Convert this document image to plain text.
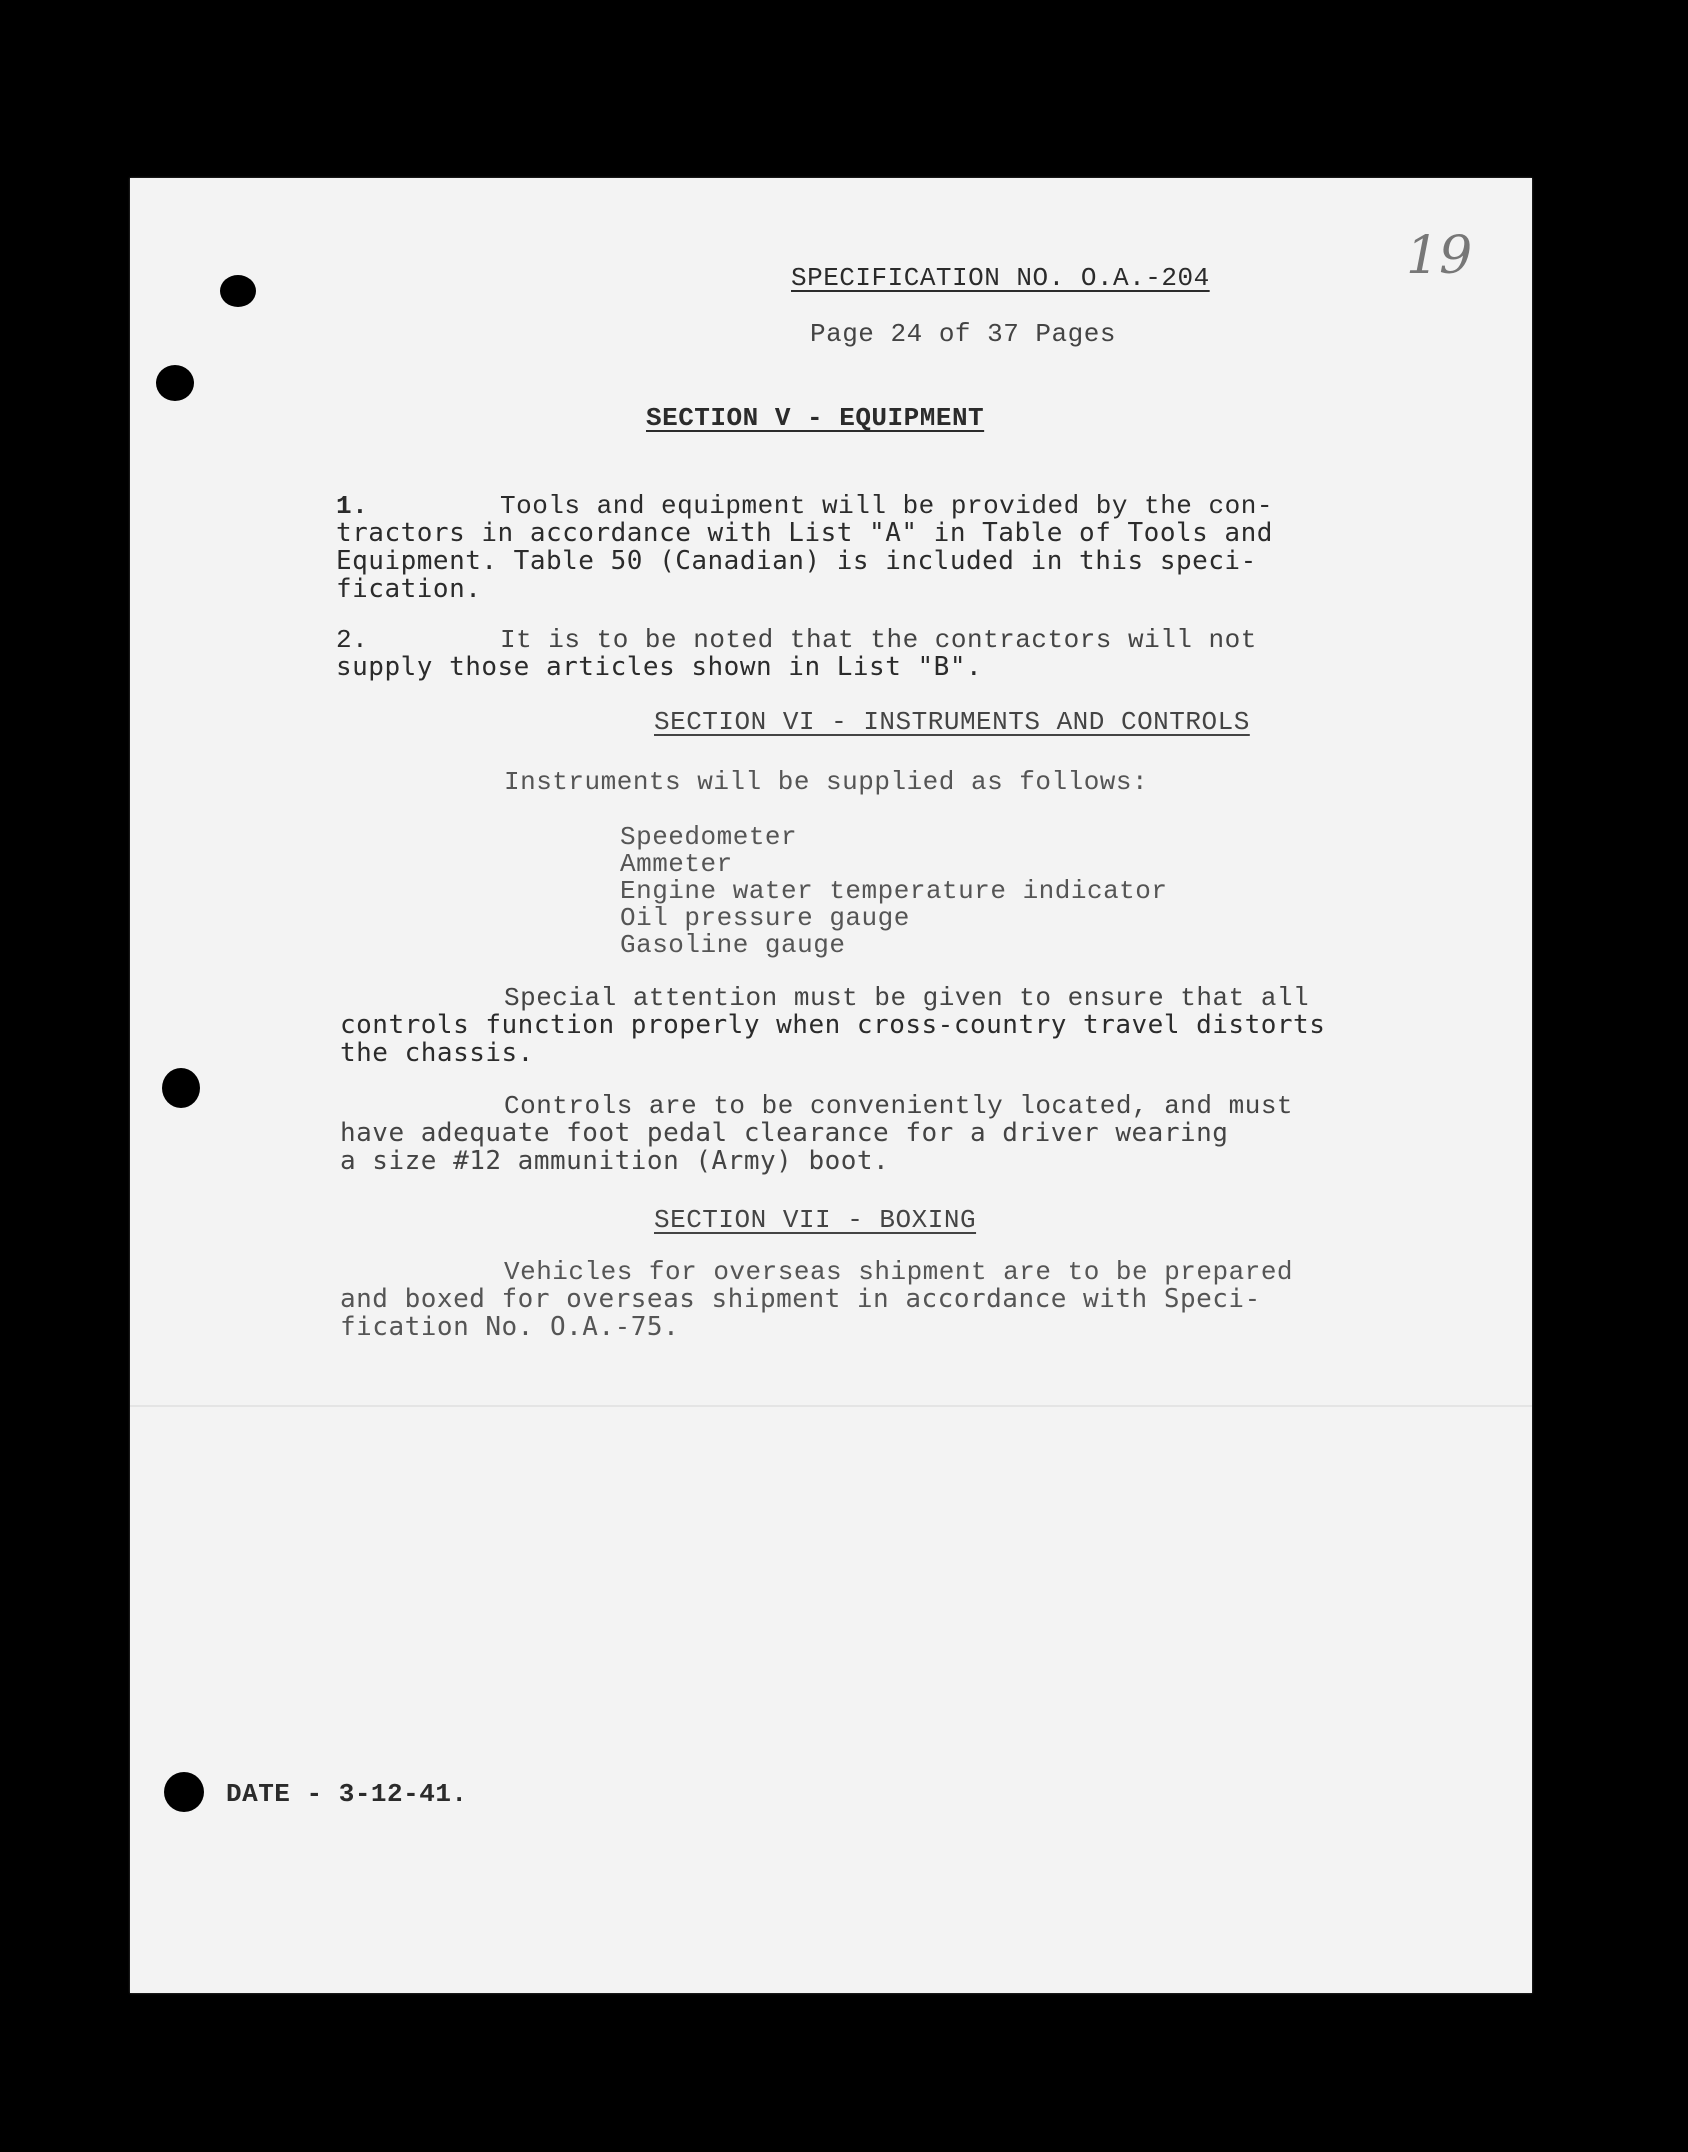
SPECIFICATION NO. O.A.-204
Page 24 of 37 Pages
19
SECTION V - EQUIPMENT
1.	Tools and equipment will be provided by the con-
tractors in accordance with List "A" in Table of Tools and
Equipment. Table 50 (Canadian) is included in this speci-
fication.
2.	It is to be noted that the contractors will not
supply those articles shown in List "B".
SECTION VI - INSTRUMENTS AND CONTROLS
Instruments will be supplied as follows:
Speedometer
Ammeter
Engine water temperature indicator
Oil pressure gauge
Gasoline gauge
Special attention must be given to ensure that all
controls function properly when cross-country travel distorts
the chassis.
Controls are to be conveniently located, and must
have adequate foot pedal clearance for a driver wearing
a size #12 ammunition (Army) boot.
SECTION VII - BOXING
Vehicles for overseas shipment are to be prepared
and boxed for overseas shipment in accordance with Speci-
fication No. O.A.-75.
DATE - 3-12-41.
